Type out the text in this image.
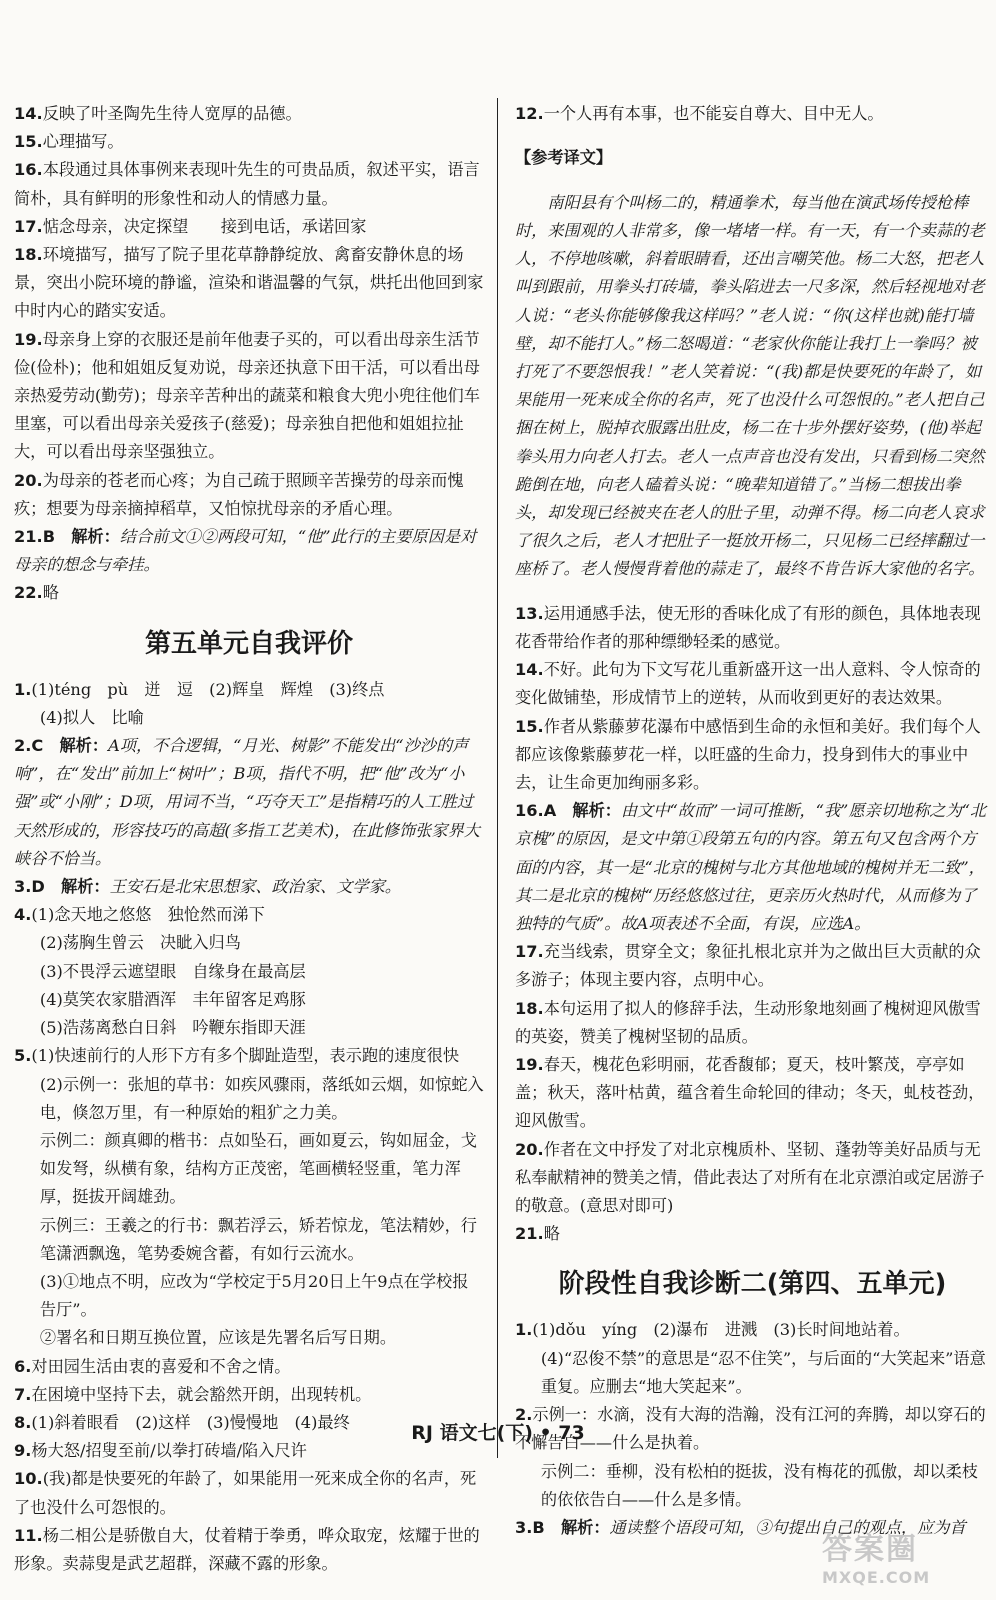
14.反映了叶圣陶先生待人宽厚的品德。

15.心理描写。

16.本段通过具体事例来表现叶先生的可贵品质，叙述平实，语言简朴，具有鲜明的形象性和动人的情感力量。

17.惦念母亲，决定探望　　接到电话，承诺回家

18.环境描写，描写了院子里花草静静绽放、禽畜安静休息的场景，突出小院环境的静谧，渲染和谐温馨的气氛，烘托出他回到家中时内心的踏实安适。

19.母亲身上穿的衣服还是前年他妻子买的，可以看出母亲生活节俭(俭朴)；他和姐姐反复劝说，母亲还执意下田干活，可以看出母亲热爱劳动(勤劳)；母亲辛苦种出的蔬菜和粮食大兜小兜往他们车里塞，可以看出母亲关爱孩子(慈爱)；母亲独自把他和姐姐拉扯大，可以看出母亲坚强独立。

20.为母亲的苍老而心疼；为自己疏于照顾辛苦操劳的母亲而愧疚；想要为母亲摘掉稻草，又怕惊扰母亲的矛盾心理。

21.B　 解析：结合前文①②两段可知，“他”此行的主要原因是对母亲的想念与牵挂。

22.略

第五单元自我评价

1.(1)téng　pù　迸　逗　(2)辉皇　辉煌　(3)终点

(4)拟人　比喻

2.C　 解析：A项，不合逻辑，“月光、树影”不能发出“沙沙的声响”，在“发出”前加上“树叶”；B项，指代不明，把“他”改为“小强”或“小刚”；D项，用词不当，“巧夺天工”是指精巧的人工胜过天然形成的，形容技巧的高超(多指工艺美术)，在此修饰张家界大峡谷不恰当。

3.D　 解析：王安石是北宋思想家、政治家、文学家。

4.(1)念天地之悠悠　独怆然而涕下

(2)荡胸生曾云　决眦入归鸟

(3)不畏浮云遮望眼　自缘身在最高层

(4)莫笑农家腊酒浑　丰年留客足鸡豚

(5)浩荡离愁白日斜　吟鞭东指即天涯

5.(1)快速前行的人形下方有多个脚趾造型，表示跑的速度很快

(2)示例一：张旭的草书：如疾风骤雨，落纸如云烟，如惊蛇入电，倏忽万里，有一种原始的粗犷之力美。

示例二：颜真卿的楷书：点如坠石，画如夏云，钩如屈金，戈如发弩，纵横有象，结构方正茂密，笔画横轻竖重，笔力浑厚，挺拔开阔雄劲。

示例三：王羲之的行书：飘若浮云，矫若惊龙，笔法精妙，行笔潇洒飘逸，笔势委婉含蓄，有如行云流水。

(3)①地点不明，应改为“学校定于5月20日上午9点在学校报告厅”。

②署名和日期互换位置，应该是先署名后写日期。

6.对田园生活由衷的喜爱和不舍之情。

7.在困境中坚持下去，就会豁然开朗，出现转机。

8.(1)斜着眼看　(2)这样　(3)慢慢地　(4)最终

9.杨大怒/招叟至前/以拳打砖墙/陷入尺许

10.(我)都是快要死的年龄了，如果能用一死来成全你的名声，死了也没什么可怨恨的。

11.杨二相公是骄傲自大，仗着精于拳勇，哗众取宠，炫耀于世的形象。卖蒜叟是武艺超群，深藏不露的形象。

12.一个人再有本事，也不能妄自尊大、目中无人。

【参考译文】

南阳县有个叫杨二的，精通拳术，每当他在演武场传授枪棒时，来围观的人非常多，像一堵堵一样。有一天，有一个卖蒜的老人，不停地咳嗽，斜着眼睛看，还出言嘲笑他。杨二大怒，把老人叫到跟前，用拳头打砖墙，拳头陷进去一尺多深，然后轻视地对老人说：“老头你能够像我这样吗？”老人说：“你(这样也就)能打墙壁，却不能打人。”杨二怒喝道：“老家伙你能让我打上一拳吗？被打死了不要怨恨我！”老人笑着说：“(我)都是快要死的年龄了，如果能用一死来成全你的名声，死了也没什么可怨恨的。”老人把自己捆在树上，脱掉衣服露出肚皮，杨二在十步外摆好姿势，(他)举起拳头用力向老人打去。老人一点声音也没有发出，只看到杨二突然跪倒在地，向老人磕着头说：“晚辈知道错了。”当杨二想拔出拳头，却发现已经被夹在老人的肚子里，动弹不得。杨二向老人哀求了很久之后，老人才把肚子一挺放开杨二，只见杨二已经摔翻过一座桥了。老人慢慢背着他的蒜走了，最终不肯告诉大家他的名字。

13.运用通感手法，使无形的香味化成了有形的颜色，具体地表现花香带给作者的那种缥缈轻柔的感觉。

14.不好。此句为下文写花儿重新盛开这一出人意料、令人惊奇的变化做铺垫，形成情节上的逆转，从而收到更好的表达效果。

15.作者从紫藤萝花瀑布中感悟到生命的永恒和美好。我们每个人都应该像紫藤萝花一样，以旺盛的生命力，投身到伟大的事业中去，让生命更加绚丽多彩。

16.A　 解析：由文中“故而”一词可推断，“我”愿亲切地称之为“北京槐”的原因，是文中第①段第五句的内容。第五句又包含两个方面的内容，其一是“北京的槐树与北方其他地域的槐树并无二致”，其二是北京的槐树“历经悠悠过往，更亲历火热时代，从而修为了独特的气质”。故A项表述不全面，有误，应选A。

17.充当线索，贯穿全文；象征扎根北京并为之做出巨大贡献的众多游子；体现主要内容，点明中心。

18.本句运用了拟人的修辞手法，生动形象地刻画了槐树迎风傲雪的英姿，赞美了槐树坚韧的品质。

19.春天，槐花色彩明丽，花香馥郁；夏天，枝叶繁茂，亭亭如盖；秋天，落叶枯黄，蕴含着生命轮回的律动；冬天，虬枝苍劲，迎风傲雪。

20.作者在文中抒发了对北京槐质朴、坚韧、蓬勃等美好品质与无私奉献精神的赞美之情，借此表达了对所有在北京漂泊或定居游子的敬意。(意思对即可)

21.略

阶段性自我诊断二(第四、五单元)

1.(1)dǒu　yíng　(2)瀑布　进溅　(3)长时间地站着。

(4)“忍俊不禁”的意思是“忍不住笑”，与后面的“大笑起来”语意重复。应删去“地大笑起来”。

2.示例一：水滴，没有大海的浩瀚，没有江河的奔腾，却以穿石的不懈告白——什么是执着。

示例二：垂柳，没有松柏的挺拔，没有梅花的孤傲，却以柔枝的依依告白——什么是多情。

3.B　 解析：通读整个语段可知，③句提出自己的观点，应为首

RJ 语文七(下) • 73
答案圈
MXQE.COM
